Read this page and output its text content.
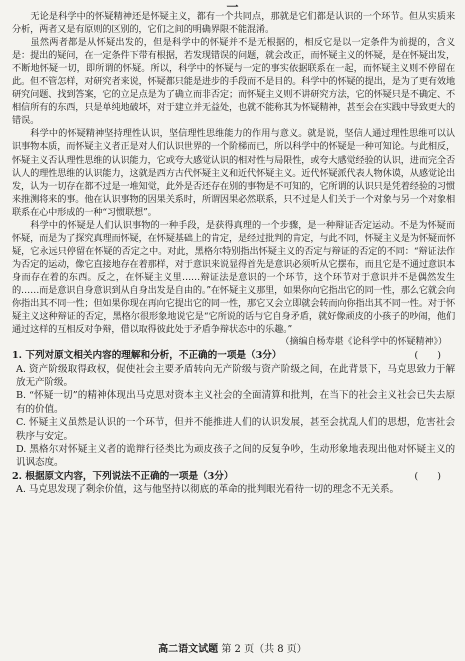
一

无论是科学中的怀疑精神还是怀疑主义，都有一个共同点，那就是它们都是认识的一个环节。但从实质来分析，两者又是有原则的区别的，它们之间的明确界限不能混淆。

虽然两者都是从怀疑出发的，但是科学中的怀疑并不是无根据的，相反它是以一定条件为前提的，含义是：提出的疑问，在一定条件下带有根据，若发现错误的问题，就会改正，而怀疑主义的怀疑，是在怀疑出发，不断地怀疑一切，即所谓的怀疑。所以，科学中的怀疑与一定的事实依据联系在一起，而怀疑主义则不停留在此。但不管怎样，对研究者来说，怀疑都只能是进步的手段而不是目的。科学中的怀疑的提出，是为了更有效地研究问题、找到答案，它的立足点是为了确立而非否定；而怀疑主义则不讲研究方法，它的怀疑只是不确定、不相信所有的东西，只是单纯地破坏，对于建立并无益处，也就不能称其为怀疑精神，甚至会在实践中导致更大的错误。

科学中的怀疑精神坚持理性认识，坚信理性思维能力的作用与意义。就是说，坚信人通过理性思维可以认识事物本质，而怀疑主义者正是对人们认识世界的一个阶梯而已，所以科学中的怀疑是一种可知论。与此相反，怀疑主义否认理性思维的认识能力，它或夸大感觉认识的相对性与局限性，或夸大感觉经验的认识，进而完全否认人的理性思维的认识能力，这就是西方古代怀疑主义和近代怀疑主义。近代怀疑派代表人物休谟，从感觉论出发，认为一切存在都不过是一堆知觉，此外是否还存在别的事物是不可知的，它所谓的认识只是凭着经验的习惯来推测将来的事。他在认识事物的因果关系时，所谓因果必然联系，只不过是人们关于一个对象与另一个对象相联系在心中形成的一种“习惯联想”。

科学中的怀疑是人们认识事物的一种手段，是获得真理的一个步骤，是一种辩证否定运动。不是为怀疑而怀疑，而是为了探究真理而怀疑，在怀疑基础上的肯定，是经过批判的肯定，与此不同，怀疑主义是为怀疑而怀疑，它永远只停留在怀疑的否定之中。对此，黑格尔特别指出怀疑主义的否定与辩证的否定的不同：“辩证法作为否定的运动，像它直接地存在着那样，对于意识来说显得首先是意识必须听从它摆布，而且它是不通过意识本身而存在着的东西。反之，在怀疑主义里……辩证法是意识的一个环节，这个环节对于意识并不是偶然发生的……而是意识自身意识到从自身出发是自由的。”在怀疑主义那里，如果你向它指出它的同一性，那么它就会向你指出其不同一性；但如果你现在再向它提出它的同一性，那它又会立即就会转而向你指出其不同一性。对于怀疑主义这种辩证的否定，黑格尔很形象地说它是“它所说的话与它自身矛盾，就好像顽皮的小孩子的吵闹，他们通过这样的互相反对争辩，借以取得彼此处于矛盾争辩状态中的乐趣。”

（摘编自杨寿堪《论科学中的怀疑精神》）

1. 下列对原文相关内容的理解和分析，不正确的一项是（3分）	(　　)

A. 资产阶级取得政权，促使社会主要矛盾转向无产阶级与资产阶级之间，在此背景下，马克思致力于解放无产阶级。

B. “怀疑一切”的精神体现出马克思对资本主义社会的全面清算和批判，在当下的社会主义社会已失去原有的价值。

C. 怀疑主义虽然是认识的一个环节，但并不能推进人们的认识发展，甚至会扰乱人们的思想，危害社会秩序与安定。

D. 黑格尔对怀疑主义者的诡辩行径类比为顽皮孩子之间的反复争吵，生动形象地表现出他对怀疑主义的讥讽态度。

2. 根据原文内容，下列说法不正确的一项是（3分）	(　　)

A. 马克思发现了剩余价值，这与他坚持以彻底的革命的批判眼光看待一切的理念不无关系。

高二语文试题 第 2 页（共 8 页）
